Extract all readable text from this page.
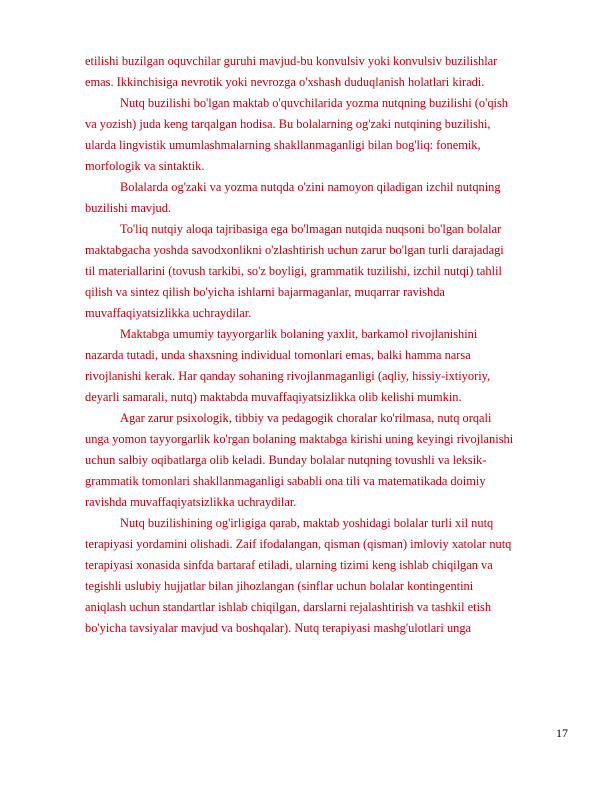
etilishi buzilgan oquvchilar guruhi mavjud-bu konvulsiv yoki konvulsiv buzilishlar
emas. Ikkinchisiga nevrotik yoki nevrozga o'xshash duduqlanish holatlari kiradi.
Nutq buzilishi bo'lgan maktab o'quvchilarida yozma nutqning buzilishi (o'qish
va yozish) juda keng tarqalgan hodisa. Bu bolalarning og'zaki nutqining buzilishi,
ularda lingvistik umumlashmalarning shakllanmaganligi bilan bog'liq: fonemik,
morfologik va sintaktik.
Bolalarda og'zaki va yozma nutqda o'zini namoyon qiladigan izchil nutqning
buzilishi mavjud.
To'liq nutqiy aloqa tajribasiga ega bo'lmagan nutqida nuqsoni bo'lgan bolalar
maktabgacha yoshda savodxonlikni o'zlashtirish uchun zarur bo'lgan turli darajadagi
til materiallarini (tovush tarkibi, so'z boyligi, grammatik tuzilishi, izchil nutqi) tahlil
qilish va sintez qilish bo'yicha ishlarni bajarmaganlar, muqarrar ravishda
muvaffaqiyatsizlikka uchraydilar.
Maktabga umumiy tayyorgarlik bolaning yaxlit, barkamol rivojlanishini
nazarda tutadi, unda shaxsning individual tomonlari emas, balki hamma narsa
rivojlanishi kerak. Har qanday sohaning rivojlanmaganligi (aqliy, hissiy-ixtiyoriy,
deyarli samarali, nutq) maktabda muvaffaqiyatsizlikka olib kelishi mumkin.
Agar zarur psixologik, tibbiy va pedagogik choralar ko'rilmasa, nutq orqali
unga yomon tayyorgarlik ko'rgan bolaning maktabga kirishi uning keyingi rivojlanishi
uchun salbiy oqibatlarga olib keladi. Bunday bolalar nutqning tovushli va leksik-
grammatik tomonlari shakllanmaganligi sababli ona tili va matematikada doimiy
ravishda muvaffaqiyatsizlikka uchraydilar.
Nutq buzilishining og'irligiga qarab, maktab yoshidagi bolalar turli xil nutq
terapiyasi yordamini olishadi. Zaif ifodalangan, qisman (qisman) imloviy xatolar nutq
terapiyasi xonasida sinfda bartaraf etiladi, ularning tizimi keng ishlab chiqilgan va
tegishli uslubiy hujjatlar bilan jihozlangan (sinflar uchun bolalar kontingentini
aniqlash uchun standartlar ishlab chiqilgan, darslarni rejalashtirish va tashkil etish
bo'yicha tavsiyalar mavjud va boshqalar). Nutq terapiyasi mashg'ulotlari unga
17
